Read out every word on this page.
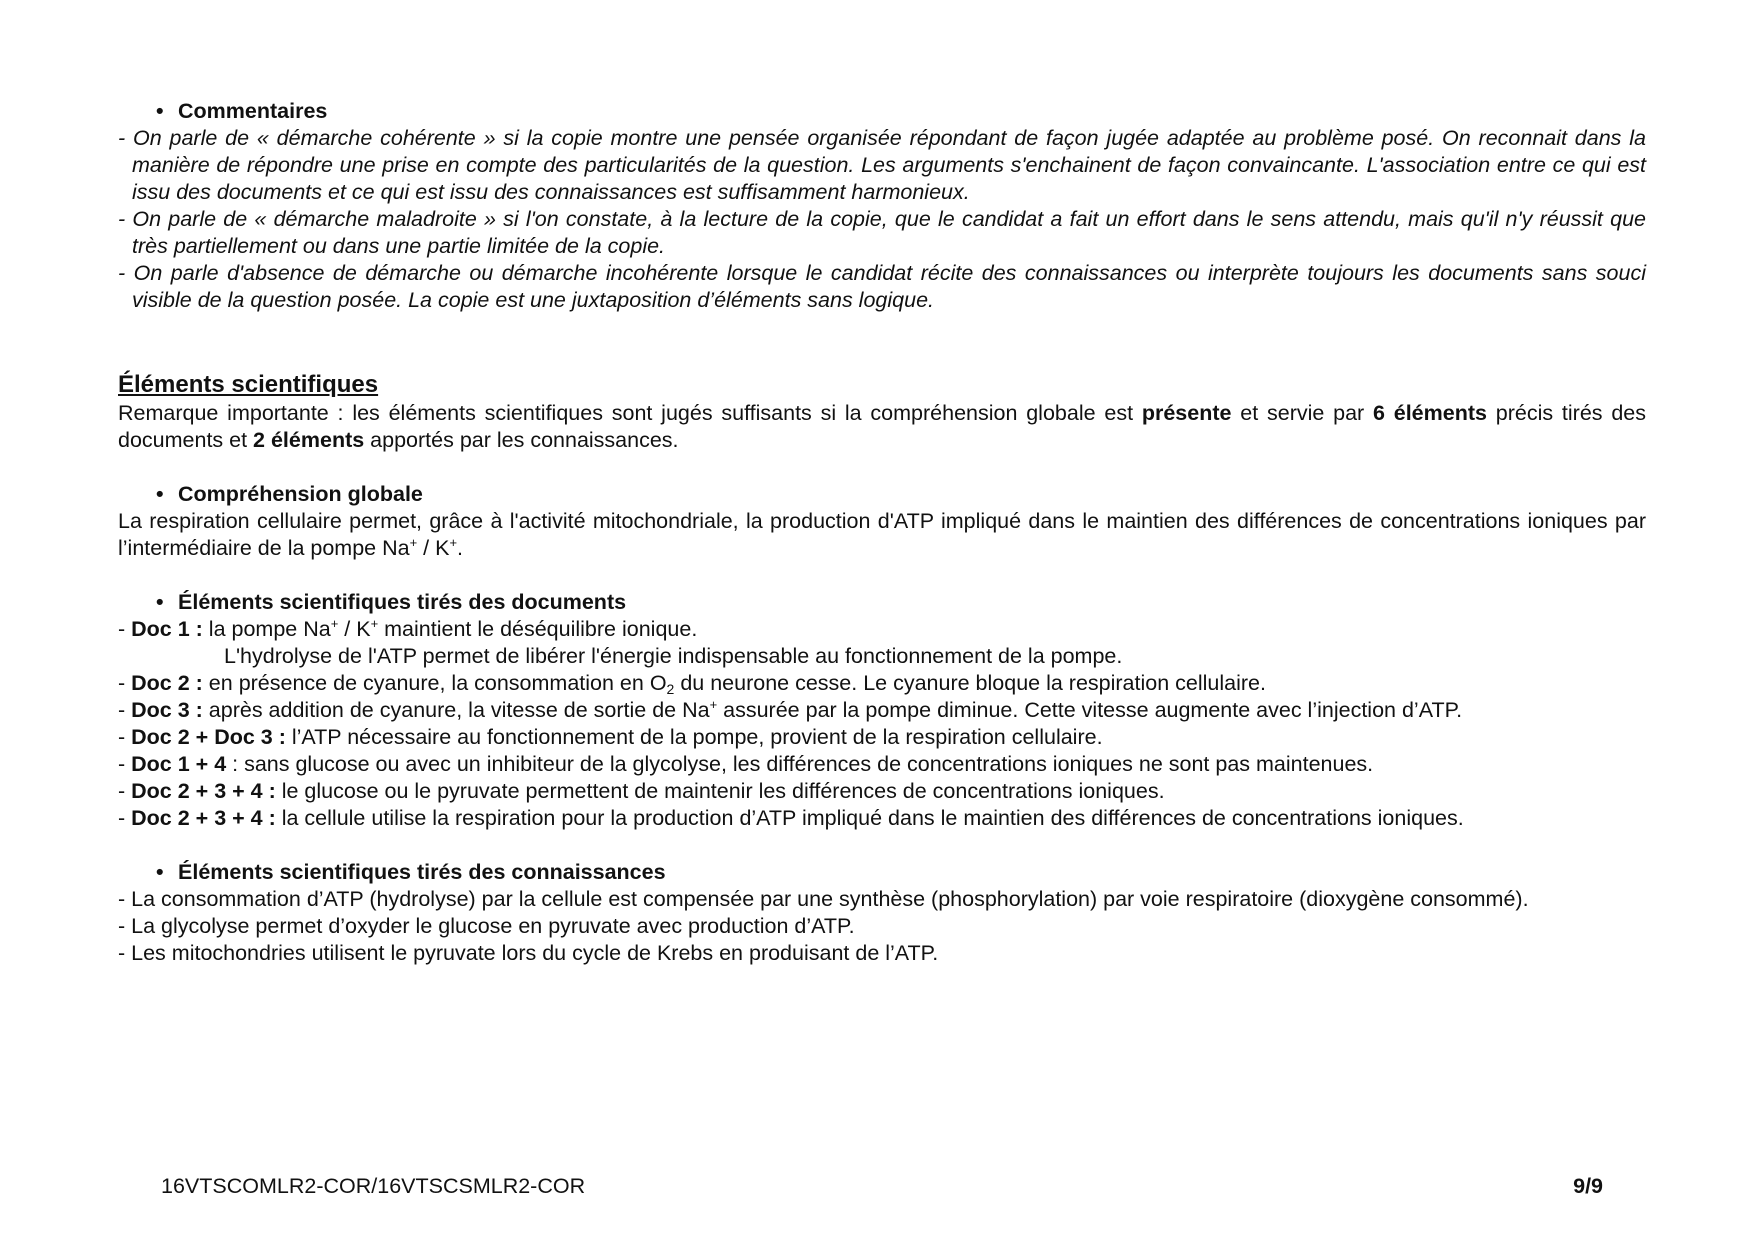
• Commentaires
- On parle de « démarche cohérente » si la copie montre une pensée organisée répondant de façon jugée adaptée au problème posé. On reconnait dans la manière de répondre une prise en compte des particularités de la question. Les arguments s'enchainent de façon convaincante. L'association entre ce qui est issu des documents et ce qui est issu des connaissances est suffisamment harmonieux.
- On parle de « démarche maladroite » si l'on constate, à la lecture de la copie, que le candidat a fait un effort dans le sens attendu, mais qu'il n'y réussit que très partiellement ou dans une partie limitée de la copie.
- On parle d'absence de démarche ou démarche incohérente lorsque le candidat récite des connaissances ou interprète toujours les documents sans souci visible de la question posée. La copie est une juxtaposition d’éléments sans logique.
Éléments scientifiques
Remarque importante : les éléments scientifiques sont jugés suffisants si la compréhension globale est présente et servie par 6 éléments précis tirés des documents et 2 éléments apportés par les connaissances.
• Compréhension globale
La respiration cellulaire permet, grâce à l'activité mitochondriale, la production d'ATP impliqué dans le maintien des différences de concentrations ioniques par l’intermédiaire de la pompe Na+ / K+.
• Éléments scientifiques tirés des documents
- Doc 1 : la pompe Na+ / K+ maintient le déséquilibre ionique.
L'hydrolyse de l'ATP permet de libérer l'énergie indispensable au fonctionnement de la pompe.
- Doc 2 : en présence de cyanure, la consommation en $O_2$ du neurone cesse. Le cyanure bloque la respiration cellulaire.
- Doc 3 : après addition de cyanure, la vitesse de sortie de Na+ assurée par la pompe diminue. Cette vitesse augmente avec l’injection d’ATP.
- Doc 2 + Doc 3 : l’ATP nécessaire au fonctionnement de la pompe, provient de la respiration cellulaire.
- Doc 1 + 4 : sans glucose ou avec un inhibiteur de la glycolyse, les différences de concentrations ioniques ne sont pas maintenues.
- Doc 2 + 3 + 4 : le glucose ou le pyruvate permettent de maintenir les différences de concentrations ioniques.
- Doc 2 + 3 + 4 : la cellule utilise la respiration pour la production d’ATP impliqué dans le maintien des différences de concentrations ioniques.
• Éléments scientifiques tirés des connaissances
- La consommation d’ATP (hydrolyse) par la cellule est compensée par une synthèse (phosphorylation) par voie respiratoire (dioxygène consommé).
- La glycolyse permet d’oxyder le glucose en pyruvate avec production d’ATP.
- Les mitochondries utilisent le pyruvate lors du cycle de Krebs en produisant de l’ATP.
16VTSCOMLR2-COR/16VTSCSMLR2-COR	9/9
